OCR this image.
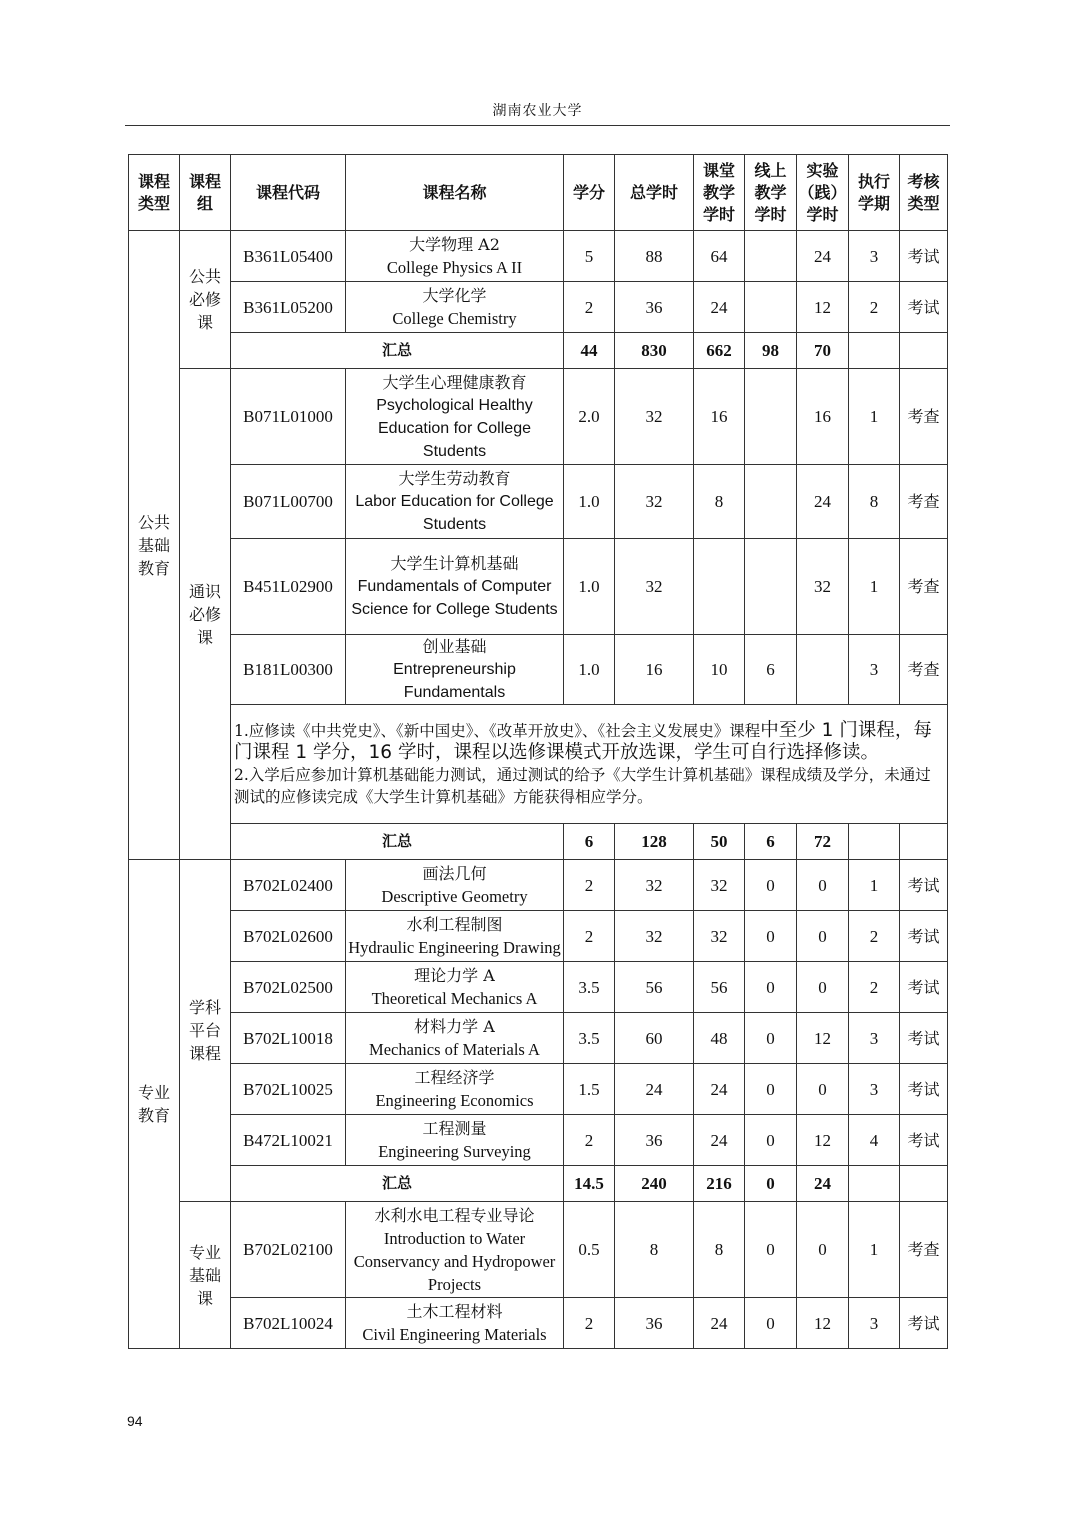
湖南农业大学
课程类型	课程组	课程代码	课程名称	学分	总学时	课堂教学学时	线上教学学时	实验（践）学时	执行学期	考核类型
公共基础教育	公共必修课	B361L05400	大学物理 A2
College Physics A II	5	88	64		24	3	考试
		B361L05200	大学化学
College Chemistry	2	36	24		12	2	考试
		汇总		44	830	662	98	70		
	通识必修课	B071L01000	大学生心理健康教育
Psychological Healthy Education for College Students	2.0	32	16		16	1	考查
		B071L00700	大学生劳动教育
Labor Education for College Students	1.0	32	8		24	8	考查
		B451L02900	大学生计算机基础
Fundamentals of Computer Science for College Students	1.0	32			32	1	考查
		B181L00300	创业基础
Entrepreneurship Fundamentals	1.0	16	10	6		3	考查
		1.应修读《中共党史》、《新中国史》、《改革开放史》、《社会主义发展史》课程中至少 1 门课程，每门课程 1 学分，16 学时，课程以选修课模式开放选课，学生可自行选择修读。
2.入学后应参加计算机基础能力测试，通过测试的给予《大学生计算机基础》课程成绩及学分，未通过测试的应修读完成《大学生计算机基础》方能获得相应学分。								
		汇总		6	128	50	6	72		
专业教育	学科平台课程	B702L02400	画法几何
Descriptive Geometry	2	32	32	0	0	1	考试
		B702L02600	水利工程制图
Hydraulic Engineering Drawing	2	32	32	0	0	2	考试
		B702L02500	理论力学 A
Theoretical Mechanics A	3.5	56	56	0	0	2	考试
		B702L10018	材料力学 A
Mechanics of Materials A	3.5	60	48	0	12	3	考试
		B702L10025	工程经济学
Engineering Economics	1.5	24	24	0	0	3	考试
		B472L10021	工程测量
Engineering Surveying	2	36	24	0	12	4	考试
		汇总		14.5	240	216	0	24		
	专业基础课	B702L02100	水利水电工程专业导论
Introduction to Water Conservancy and Hydropower Projects	0.5	8	8	0	0	1	考查
		B702L10024	土木工程材料
Civil Engineering Materials	2	36	24	0	12	3	考试
94
